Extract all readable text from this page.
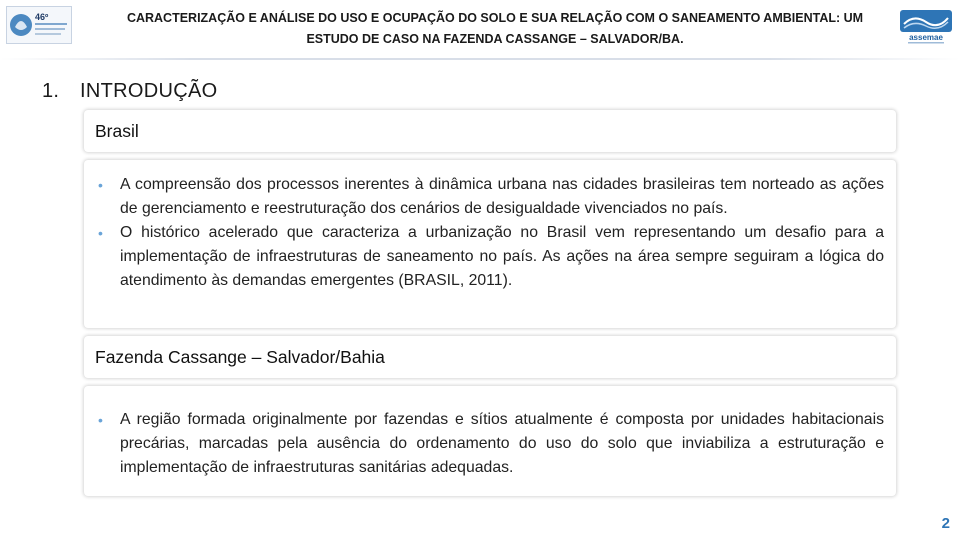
46º	CARACTERIZAÇÃO E ANÁLISE DO USO E OCUPAÇÃO DO SOLO E SUA RELAÇÃO COM O SANEAMENTO AMBIENTAL: UM ESTUDO DE CASO NA FAZENDA CASSANGE – SALVADOR/BA.	assemae
1. INTRODUÇÃO
Brasil
•	A compreensão dos processos inerentes à dinâmica urbana nas cidades brasileiras tem norteado as ações de gerenciamento e reestruturação dos cenários de desigualdade vivenciados no país.
•	O histórico acelerado que caracteriza a urbanização no Brasil vem representando um desafio para a implementação de infraestruturas de saneamento no país. As ações na área sempre seguiram a lógica do atendimento às demandas emergentes (BRASIL, 2011).
Fazenda Cassange – Salvador/Bahia
•	A região formada originalmente por fazendas e sítios atualmente é composta por unidades habitacionais precárias, marcadas pela ausência do ordenamento do uso do solo que inviabiliza a estruturação e implementação de infraestruturas sanitárias adequadas.
2
